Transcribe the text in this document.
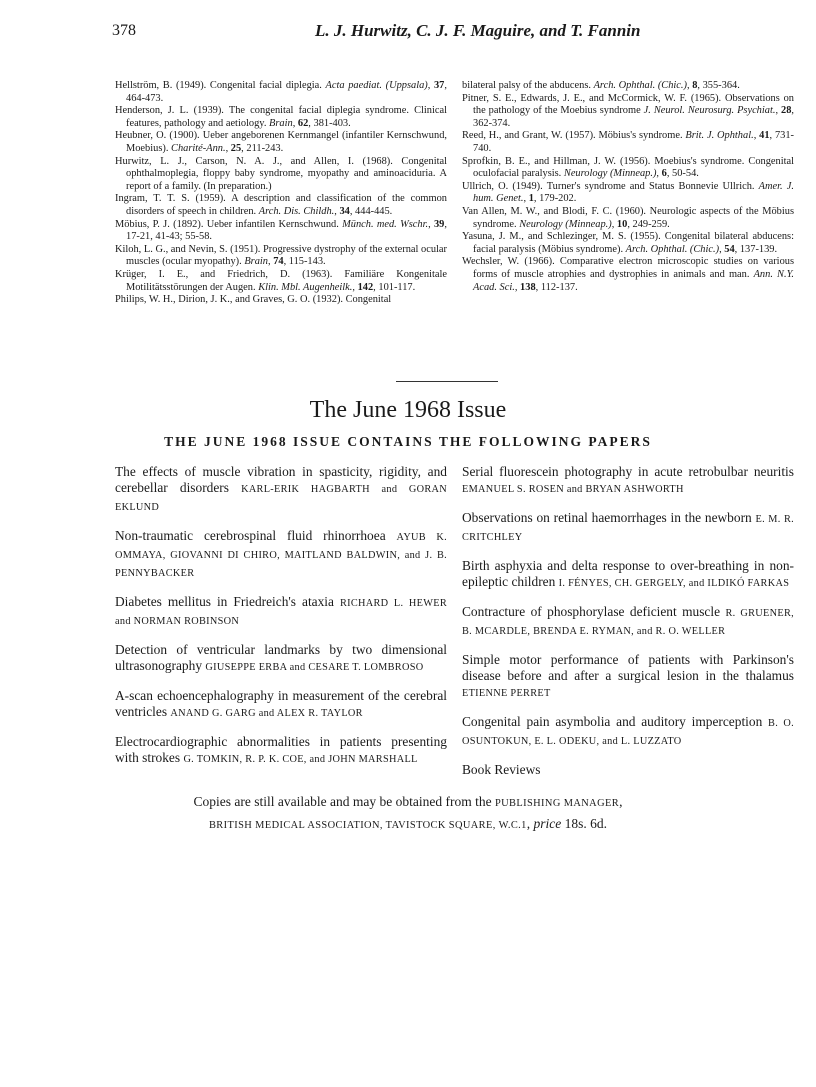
378	L. J. Hurwitz, C. J. F. Maguire, and T. Fannin

Hellström, B. (1949). Congenital facial diplegia. Acta paediat. (Uppsala), 37, 464-473.

Henderson, J. L. (1939). The congenital facial diplegia syndrome. Clinical features, pathology and aetiology. Brain, 62, 381-403.

Heubner, O. (1900). Ueber angeborenen Kernmangel (infantiler Kernschwund, Moebius). Charité-Ann., 25, 211-243.

Hurwitz, L. J., Carson, N. A. J., and Allen, I. (1968). Congenital ophthalmoplegia, floppy baby syndrome, myopathy and aminoaciduria. A report of a family. (In preparation.)

Ingram, T. T. S. (1959). A description and classification of the common disorders of speech in children. Arch. Dis. Childh., 34, 444-445.

Möbius, P. J. (1892). Ueber infantilen Kernschwund. Münch. med. Wschr., 39, 17-21, 41-43; 55-58.

Kiloh, L. G., and Nevin, S. (1951). Progressive dystrophy of the external ocular muscles (ocular myopathy). Brain, 74, 115-143.

Krüger, I. E., and Friedrich, D. (1963). Familiäre Kongenitale Motilitätsstörungen der Augen. Klin. Mbl. Augenheilk., 142, 101-117.

Philips, W. H., Dirion, J. K., and Graves, G. O. (1932). Congenital

bilateral palsy of the abducens. Arch. Ophthal. (Chic.), 8, 355-364.

Pitner, S. E., Edwards, J. E., and McCormick, W. F. (1965). Observations on the pathology of the Moebius syndrome J. Neurol. Neurosurg. Psychiat., 28, 362-374.

Reed, H., and Grant, W. (1957). Möbius's syndrome. Brit. J. Ophthal., 41, 731-740.

Sprofkin, B. E., and Hillman, J. W. (1956). Moebius's syndrome. Congenital oculofacial paralysis. Neurology (Minneap.), 6, 50-54.

Ullrich, O. (1949). Turner's syndrome and Status Bonnevie Ullrich. Amer. J. hum. Genet., 1, 179-202.

Van Allen, M. W., and Blodi, F. C. (1960). Neurologic aspects of the Möbius syndrome. Neurology (Minneap.), 10, 249-259.

Yasuna, J. M., and Schlezinger, M. S. (1955). Congenital bilateral abducens: facial paralysis (Möbius syndrome). Arch. Ophthal. (Chic.), 54, 137-139.

Wechsler, W. (1966). Comparative electron microscopic studies on various forms of muscle atrophies and dystrophies in animals and man. Ann. N.Y. Acad. Sci., 138, 112-137.

The June 1968 Issue
THE JUNE 1968 ISSUE CONTAINS THE FOLLOWING PAPERS
The effects of muscle vibration in spasticity, rigidity, and cerebellar disorders KARL-ERIK HAGBARTH and GORAN EKLUND
Non-traumatic cerebrospinal fluid rhinorrhoea AYUB K. OMMAYA, GIOVANNI DI CHIRO, MAITLAND BALDWIN, and J. B. PENNYBACKER
Diabetes mellitus in Friedreich's ataxia RICHARD L. HEWER and NORMAN ROBINSON
Detection of ventricular landmarks by two dimensional ultrasonography GIUSEPPE ERBA and CESARE T. LOMBROSO
A-scan echoencephalography in measurement of the cerebral ventricles ANAND G. GARG and ALEX R. TAYLOR
Electrocardiographic abnormalities in patients presenting with strokes G. TOMKIN, R. P. K. COE, and JOHN MARSHALL
Serial fluorescein photography in acute retrobulbar neuritis EMANUEL S. ROSEN and BRYAN ASHWORTH
Observations on retinal haemorrhages in the newborn E. M. R. CRITCHLEY
Birth asphyxia and delta response to over-breathing in non-epileptic children I. FÉNYES, CH. GERGELY, and ILDIKÓ FARKAS
Contracture of phosphorylase deficient muscle R. GRUENER, B. MCARDLE, BRENDA E. RYMAN, and R. O. WELLER
Simple motor performance of patients with Parkinson's disease before and after a surgical lesion in the thalamus ETIENNE PERRET
Congenital pain asymbolia and auditory imperception B. O. OSUNTOKUN, E. L. ODEKU, and L. LUZZATO
Book Reviews
Copies are still available and may be obtained from the PUBLISHING MANAGER,
BRITISH MEDICAL ASSOCIATION, TAVISTOCK SQUARE, W.C.1, price 18s. 6d.
